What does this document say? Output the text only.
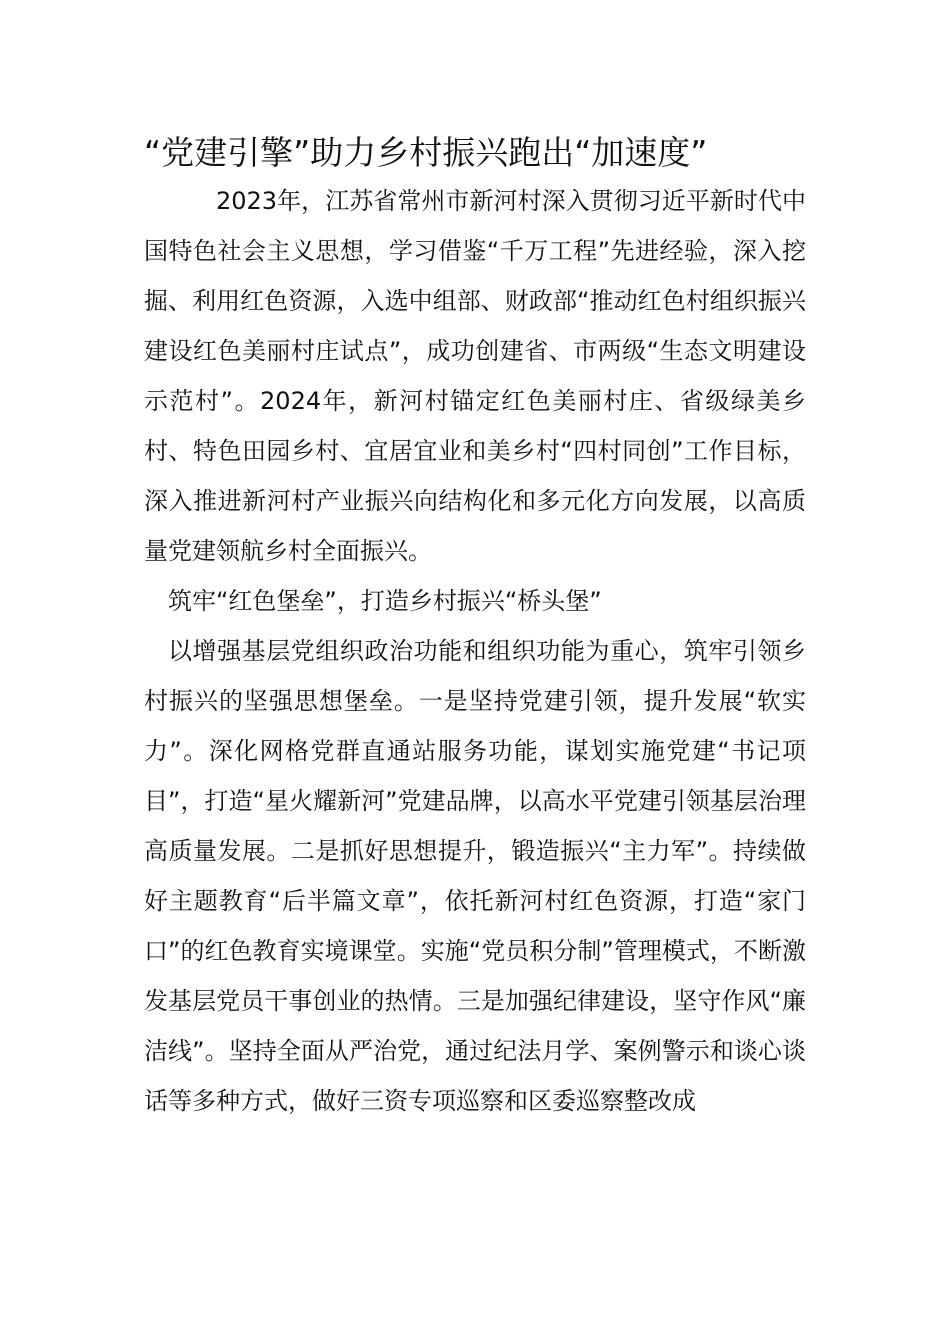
“党建引擎”助力乡村振兴跑出“加速度”

2023年，江苏省常州市新河村深入贯彻习近平新时代中国特色社会主义思想，学习借鉴“千万工程”先进经验，深入挖掘、利用红色资源，入选中组部、财政部“推动红色村组织振兴 建设红色美丽村庄试点”，成功创建省、市两级“生态文明建设示范村”。2024年，新河村锚定红色美丽村庄、省级绿美乡村、特色田园乡村、宜居宜业和美乡村“四村同创”工作目标，深入推进新河村产业振兴向结构化和多元化方向发展，以高质量党建领航乡村全面振兴。

筑牢“红色堡垒”，打造乡村振兴“桥头堡”

以增强基层党组织政治功能和组织功能为重心，筑牢引领乡村振兴的坚强思想堡垒。一是坚持党建引领，提升发展“软实力”。深化网格党群直通站服务功能，谋划实施党建“书记项目”，打造“星火耀新河”党建品牌，以高水平党建引领基层治理高质量发展。二是抓好思想提升，锻造振兴“主力军”。持续做好主题教育“后半篇文章”，依托新河村红色资源，打造“家门口”的红色教育实境课堂。实施“党员积分制”管理模式，不断激发基层党员干事创业的热情。三是加强纪律建设，坚守作风“廉洁线”。坚持全面从严治党，通过纪法月学、案例警示和谈心谈话等多种方式，做好三资专项巡察和区委巡察整改成
